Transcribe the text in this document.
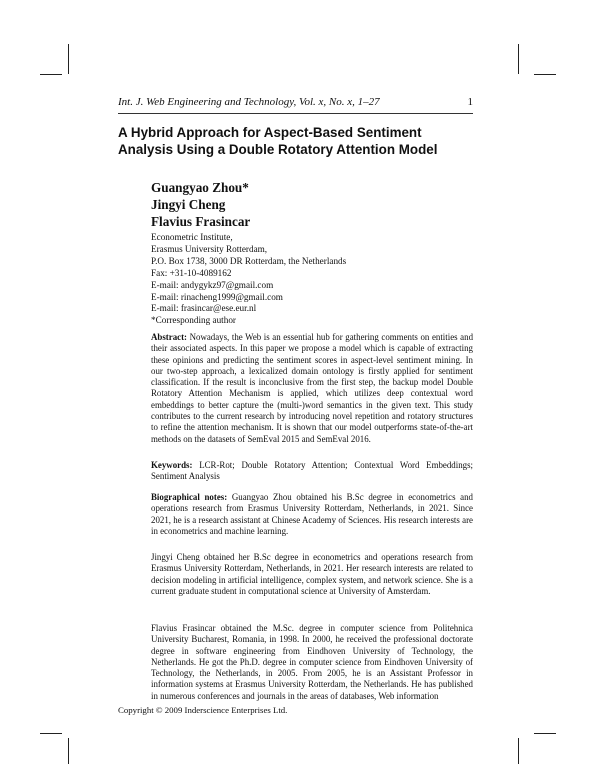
Int. J. Web Engineering and Technology, Vol. x, No. x, 1–27	1
A Hybrid Approach for Aspect-Based Sentiment
Analysis Using a Double Rotatory Attention Model
Guangyao Zhou*
Jingyi Cheng
Flavius Frasincar
Econometric Institute,
Erasmus University Rotterdam,
P.O. Box 1738, 3000 DR Rotterdam, the Netherlands
Fax: +31-10-4089162
E-mail: andygykz97@gmail.com
E-mail: rinacheng1999@gmail.com
E-mail: frasincar@ese.eur.nl
*Corresponding author
Abstract: Nowadays, the Web is an essential hub for gathering comments on entities and their associated aspects. In this paper we propose a model which is capable of extracting these opinions and predicting the sentiment scores in aspect-level sentiment mining. In our two-step approach, a lexicalized domain ontology is firstly applied for sentiment classification. If the result is inconclusive from the first step, the backup model Double Rotatory Attention Mechanism is applied, which utilizes deep contextual word embeddings to better capture the (multi-)word semantics in the given text. This study contributes to the current research by introducing novel repetition and rotatory structures to refine the attention mechanism. It is shown that our model outperforms state-of-the-art methods on the datasets of SemEval 2015 and SemEval 2016.
Keywords: LCR-Rot; Double Rotatory Attention; Contextual Word Embeddings; Sentiment Analysis
Biographical notes: Guangyao Zhou obtained his B.Sc degree in econometrics and operations research from Erasmus University Rotterdam, Netherlands, in 2021. Since 2021, he is a research assistant at Chinese Academy of Sciences. His research interests are in econometrics and machine learning.
Jingyi Cheng obtained her B.Sc degree in econometrics and operations research from Erasmus University Rotterdam, Netherlands, in 2021. Her research interests are related to decision modeling in artificial intelligence, complex system, and network science. She is a current graduate student in computational science at University of Amsterdam.
Flavius Frasincar obtained the M.Sc. degree in computer science from Politehnica University Bucharest, Romania, in 1998. In 2000, he received the professional doctorate degree in software engineering from Eindhoven University of Technology, the Netherlands. He got the Ph.D. degree in computer science from Eindhoven University of Technology, the Netherlands, in 2005. From 2005, he is an Assistant Professor in information systems at Erasmus University Rotterdam, the Netherlands. He has published in numerous conferences and journals in the areas of databases, Web information
Copyright © 2009 Inderscience Enterprises Ltd.
